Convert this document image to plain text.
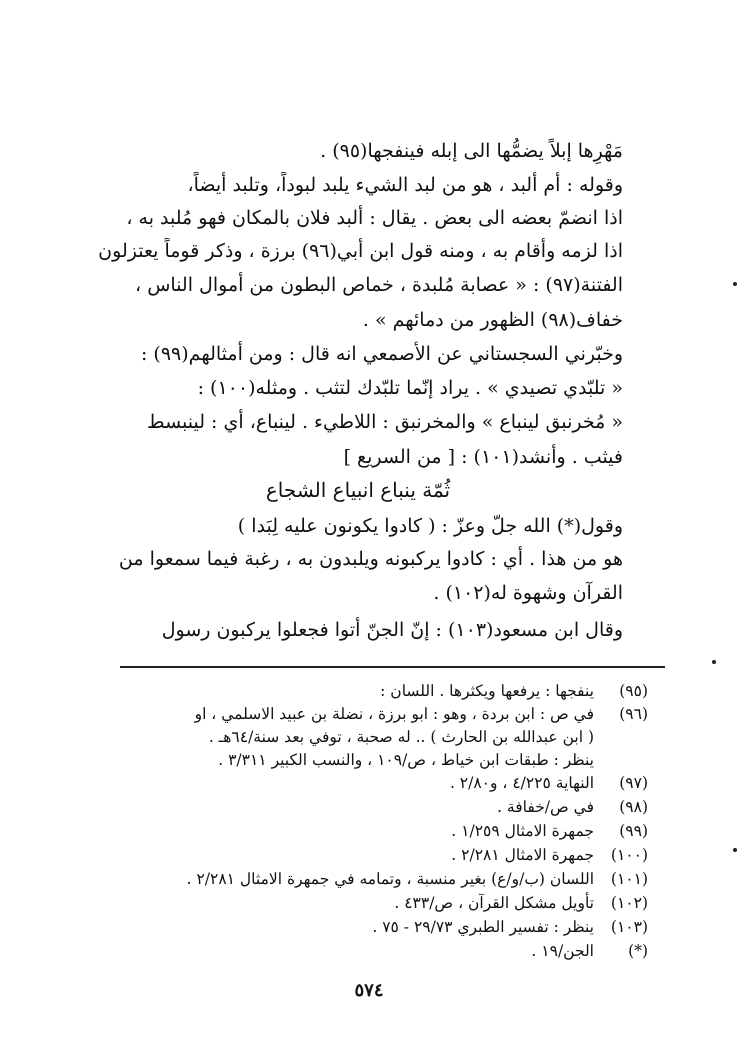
مَهْرِها إبلاً يضمُّها الى إبله فينفجها(٩٥) .
وقوله : أم ألبد ، هو من لبد الشيء يلبد لبوداً، وتلبد أيضاً،
اذا انضمّ بعضه الى بعض . يقال : ألبد فلان بالمكان فهو مُلبد به ،
اذا لزمه وأقام به ، ومنه قول ابن أبي(٩٦) برزة ، وذكر قوماً يعتزلون
الفتنة(٩٧) : « عصابة مُلبدة ، خماص البطون من أموال الناس ،
خفاف(٩٨) الظهور من دمائهم » .
وخبّرني السجستاني عن الأصمعي انه قال : ومن أمثالهم(٩٩) :
« تلبّدي تصيدي » . يراد إنّما تلبّدك لتثب . ومثله(١٠٠) :
« مُخرنبق لينباع » والمخرنبق : اللاطيء . لينباع، أي : لينبسط
فيثب . وأنشد(١٠١) : [ من السريع ]
ثُمّة ينباع انبياع الشجاع
وقول(*) الله جلّ وعزّ : ( كادوا يكونون عليه لِبَدا )
هو من هذا . أي : كادوا يركبونه ويلبدون به ، رغبة فيما سمعوا من
القرآن وشهوة له(١٠٢) .
وقال ابن مسعود(١٠٣) : إنّ الجنّ أتوا فجعلوا يركبون رسول
(٩٥)ينفجها : يرفعها ويكثرها . اللسان :
(٩٦)في ص : ابن بردة ، وهو : ابو برزة ، نضلة بن عبيد الاسلمي ، او
( ابن عبدالله بن الحارث ) .. له صحبة ، توفي بعد سنة/٦٤هـ .
ينظر : طبقات ابن خياط ، ص/١٠٩ ، والنسب الكبير ٣/٣١١ .
(٩٧)النهاية ٤/٢٢٥ ، و٢/٨٠ .
(٩٨)في ص/خفافة .
(٩٩)جمهرة الامثال ١/٢٥٩ .
(١٠٠)جمهرة الامثال ٢/٢٨١ .
(١٠١)اللسان (ب/و/ع) بغير منسبة ، وتمامه في جمهرة الامثال ٢/٢٨١ .
(١٠٢)تأويل مشكل القرآن ، ص/٤٣٣ .
(١٠٣)ينظر : تفسير الطبري ٢٩/٧٣ - ٧٥ .
(*)الجن/١٩ .
٥٧٤
